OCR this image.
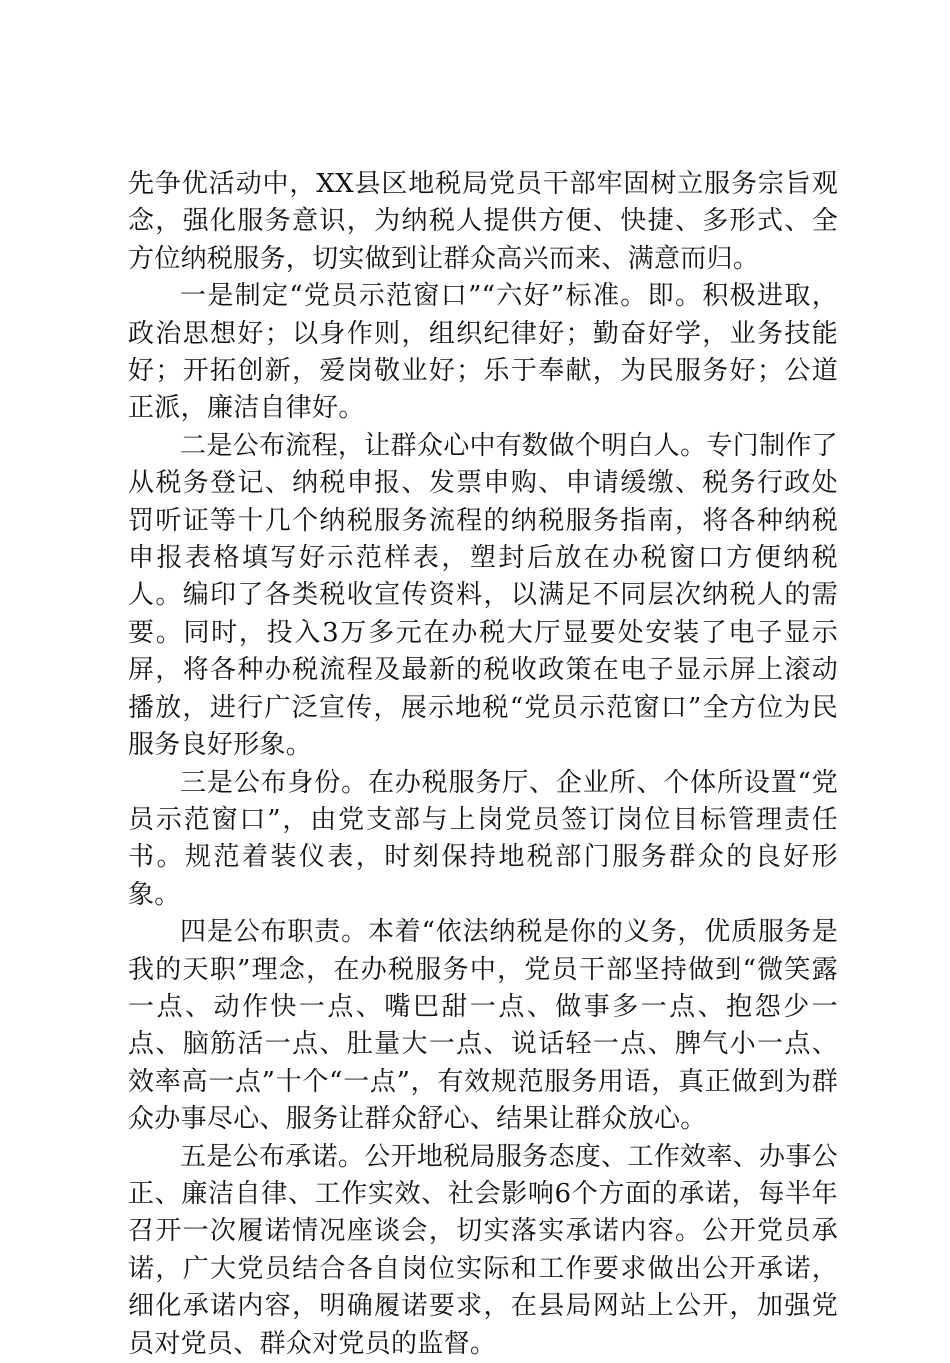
先争优活动中，XX县区地税局党员干部牢固树立服务宗旨观念，强化服务意识，为纳税人提供方便、快捷、多形式、全方位纳税服务，切实做到让群众高兴而来、满意而归。

一是制定“党员示范窗口”“六好”标准。即。积极进取，政治思想好；以身作则，组织纪律好；勤奋好学，业务技能好；开拓创新，爱岗敬业好；乐于奉献，为民服务好；公道正派，廉洁自律好。

二是公布流程，让群众心中有数做个明白人。专门制作了从税务登记、纳税申报、发票申购、申请缓缴、税务行政处罚听证等十几个纳税服务流程的纳税服务指南，将各种纳税申报表格填写好示范样表，塑封后放在办税窗口方便纳税人。编印了各类税收宣传资料，以满足不同层次纳税人的需要。同时，投入3万多元在办税大厅显要处安装了电子显示屏，将各种办税流程及最新的税收政策在电子显示屏上滚动播放，进行广泛宣传，展示地税“党员示范窗口”全方位为民服务良好形象。

三是公布身份。在办税服务厅、企业所、个体所设置“党员示范窗口”，由党支部与上岗党员签订岗位目标管理责任书。规范着装仪表，时刻保持地税部门服务群众的良好形象。

四是公布职责。本着“依法纳税是你的义务，优质服务是我的天职”理念，在办税服务中，党员干部坚持做到“微笑露一点、动作快一点、嘴巴甜一点、做事多一点、抱怨少一点、脑筋活一点、肚量大一点、说话轻一点、脾气小一点、效率高一点”十个“一点”，有效规范服务用语，真正做到为群众办事尽心、服务让群众舒心、结果让群众放心。

五是公布承诺。公开地税局服务态度、工作效率、办事公正、廉洁自律、工作实效、社会影响6个方面的承诺，每半年召开一次履诺情况座谈会，切实落实承诺内容。公开党员承诺，广大党员结合各自岗位实际和工作要求做出公开承诺，细化承诺内容，明确履诺要求，在县局网站上公开，加强党员对党员、群众对党员的监督。
